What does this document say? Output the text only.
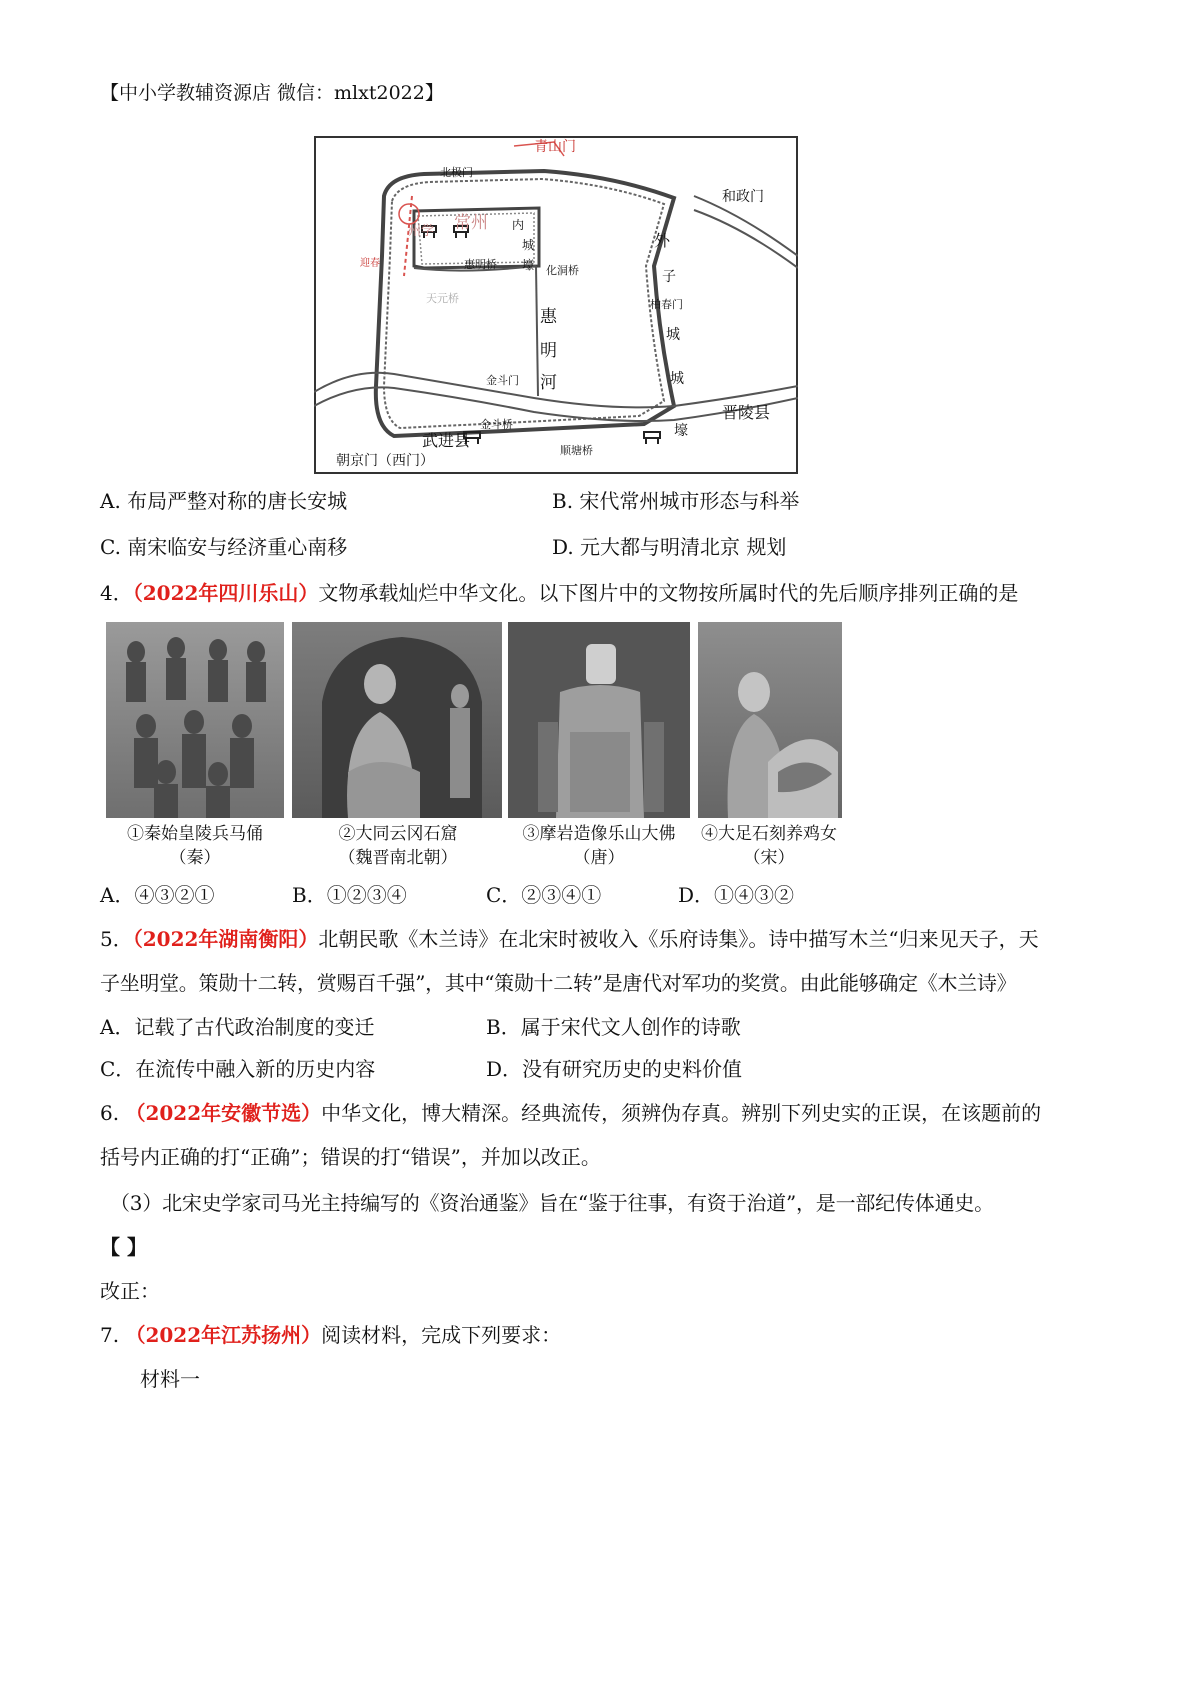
【中小学教辅资源店 微信：mlxt2022】
青山门
北极门
和政门
常州
州学	外
内
城
壕
惠明桥	化洞桥
迎春
天元桥	柏春门
子
城
城
壕
惠
明
河
金斗门
金斗桥
武进县
晋陵县
顺塘桥
朝京门（西门）
A. 布局严整对称的唐长安城	B. 宋代常州城市形态与科举
C. 南宋临安与经济重心南移	D. 元大都与明清北京 规划
4．（2022年四川乐山）文物承载灿烂中华文化。以下图片中的文物按所属时代的先后顺序排列正确的是
①秦始皇陵兵马俑
（秦）
②大同云冈石窟
（魏晋南北朝）
③摩岩造像乐山大佛
（唐）
④大足石刻养鸡女
（宋）
A．④③②①	B．①②③④	C．②③④①	D．①④③②
5．（2022年湖南衡阳）北朝民歌《木兰诗》在北宋时被收入《乐府诗集》。诗中描写木兰“归来见天子，天
子坐明堂。策勋十二转，赏赐百千强”，其中“策勋十二转”是唐代对军功的奖赏。由此能够确定《木兰诗》
A．记载了古代政治制度的变迁	B．属于宋代文人创作的诗歌
C．在流传中融入新的历史内容	D．没有研究历史的史料价值
6. （2022年安徽节选）中华文化，博大精深。经典流传，须辨伪存真。辨别下列史实的正误，在该题前的
括号内正确的打“正确”；错误的打“错误”，并加以改正。
（3）北宋史学家司马光主持编写的《资治通鉴》旨在“鉴于往事，有资于治道”，是一部纪传体通史。
【 】
改正：
7. （2022年江苏扬州）阅读材料，完成下列要求：
材料一
